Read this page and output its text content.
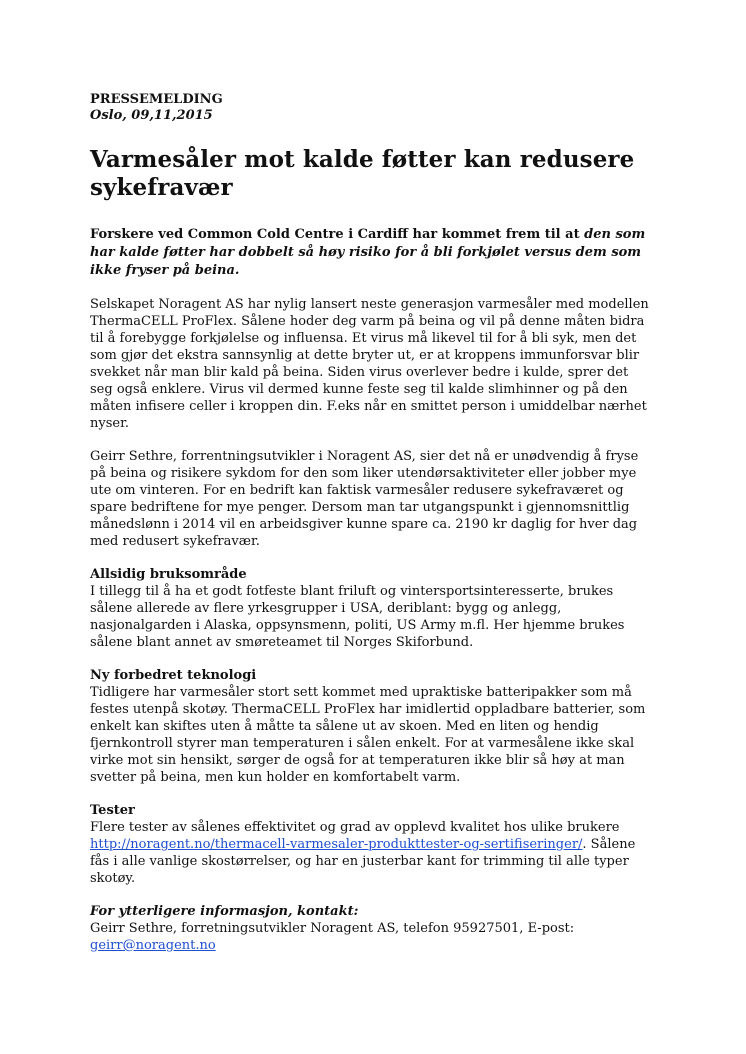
PRESSEMELDING

Oslo, 09,11,2015

Varmesåler mot kalde føtter kan redusere sykefravær

Forskere ved Common Cold Centre i Cardiff har kommet frem til at den som har kalde føtter har dobbelt så høy risiko for å bli forkjølet versus dem som ikke fryser på beina.

Selskapet Noragent AS har nylig lansert neste generasjon varmesåler med modellen ThermaCELL ProFlex. Sålene hoder deg varm på beina og vil på denne måten bidra til å forebygge forkjølelse og influensa. Et virus må likevel til for å bli syk, men det som gjør det ekstra sannsynlig at dette bryter ut, er at kroppens immunforsvar blir svekket når man blir kald på beina. Siden virus overlever bedre i kulde, sprer det seg også enklere. Virus vil dermed kunne feste seg til kalde slimhinner og på den måten infisere celler i kroppen din. F.eks når en smittet person i umiddelbar nærhet nyser.

Geirr Sethre, forrentningsutvikler i Noragent AS, sier det nå er unødvendig å fryse på beina og risikere sykdom for den som liker utendørsaktiviteter eller jobber mye ute om vinteren. For en bedrift kan faktisk varmesåler redusere sykefraværet og spare bedriftene for mye penger. Dersom man tar utgangspunkt i gjennomsnittlig månedslønn i 2014 vil en arbeidsgiver kunne spare ca. 2190 kr daglig for hver dag med redusert sykefravær.

Allsidig bruksområde

I tillegg til å ha et godt fotfeste blant friluft og vintersportsinteresserte, brukes sålene allerede av flere yrkesgrupper i USA, deriblant: bygg og anlegg, nasjonalgarden i Alaska, oppsynsmenn, politi, US Army m.fl. Her hjemme brukes sålene blant annet av smøreteamet til Norges Skiforbund.

Ny forbedret teknologi

Tidligere har varmesåler stort sett kommet med upraktiske batteripakker som må festes utenpå skotøy. ThermaCELL ProFlex har imidlertid oppladbare batterier, som enkelt kan skiftes uten å måtte ta sålene ut av skoen. Med en liten og hendig fjernkontroll styrer man temperaturen i sålen enkelt. For at varmesålene ikke skal virke mot sin hensikt, sørger de også for at temperaturen ikke blir så høy at man svetter på beina, men kun holder en komfortabelt varm.

Tester

Flere tester av sålenes effektivitet og grad av opplevd kvalitet hos ulike brukere http://noragent.no/thermacell-varmesaler-produkttester-og-sertifiseringer/. Sålene fås i alle vanlige skostørrelser, og har en justerbar kant for trimming til alle typer skotøy.

For ytterligere informasjon, kontakt:

Geirr Sethre, forretningsutvikler Noragent AS, telefon 95927501, E-post: geirr@noragent.no
